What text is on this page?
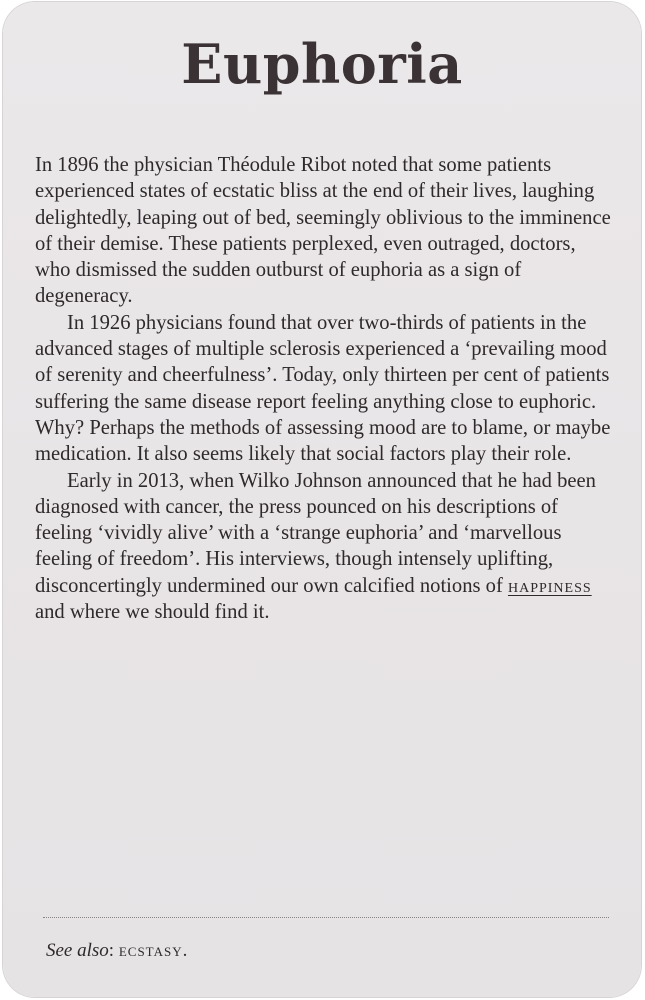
Euphoria

In 1896 the physician Théodule Ribot noted that some patients experienced states of ecstatic bliss at the end of their lives, laughing delightedly, leaping out of bed, seemingly oblivious to the imminence of their demise. These patients perplexed, even outraged, doctors, who dismissed the sudden outburst of euphoria as a sign of degeneracy.

In 1926 physicians found that over two-thirds of patients in the advanced stages of multiple sclerosis experienced a ‘prevailing mood of serenity and cheerfulness’. Today, only thirteen per cent of patients suffering the same disease report feeling anything close to euphoric. Why? Perhaps the methods of assessing mood are to blame, or maybe medication. It also seems likely that social factors play their role.

Early in 2013, when Wilko Johnson announced that he had been diagnosed with cancer, the press pounced on his descriptions of feeling ‘vividly alive’ with a ‘strange euphoria’ and ‘marvellous feeling of freedom’. His interviews, though intensely uplifting, disconcertingly undermined our own calcified notions of happiness and where we should find it.

See also: ecstasy.
